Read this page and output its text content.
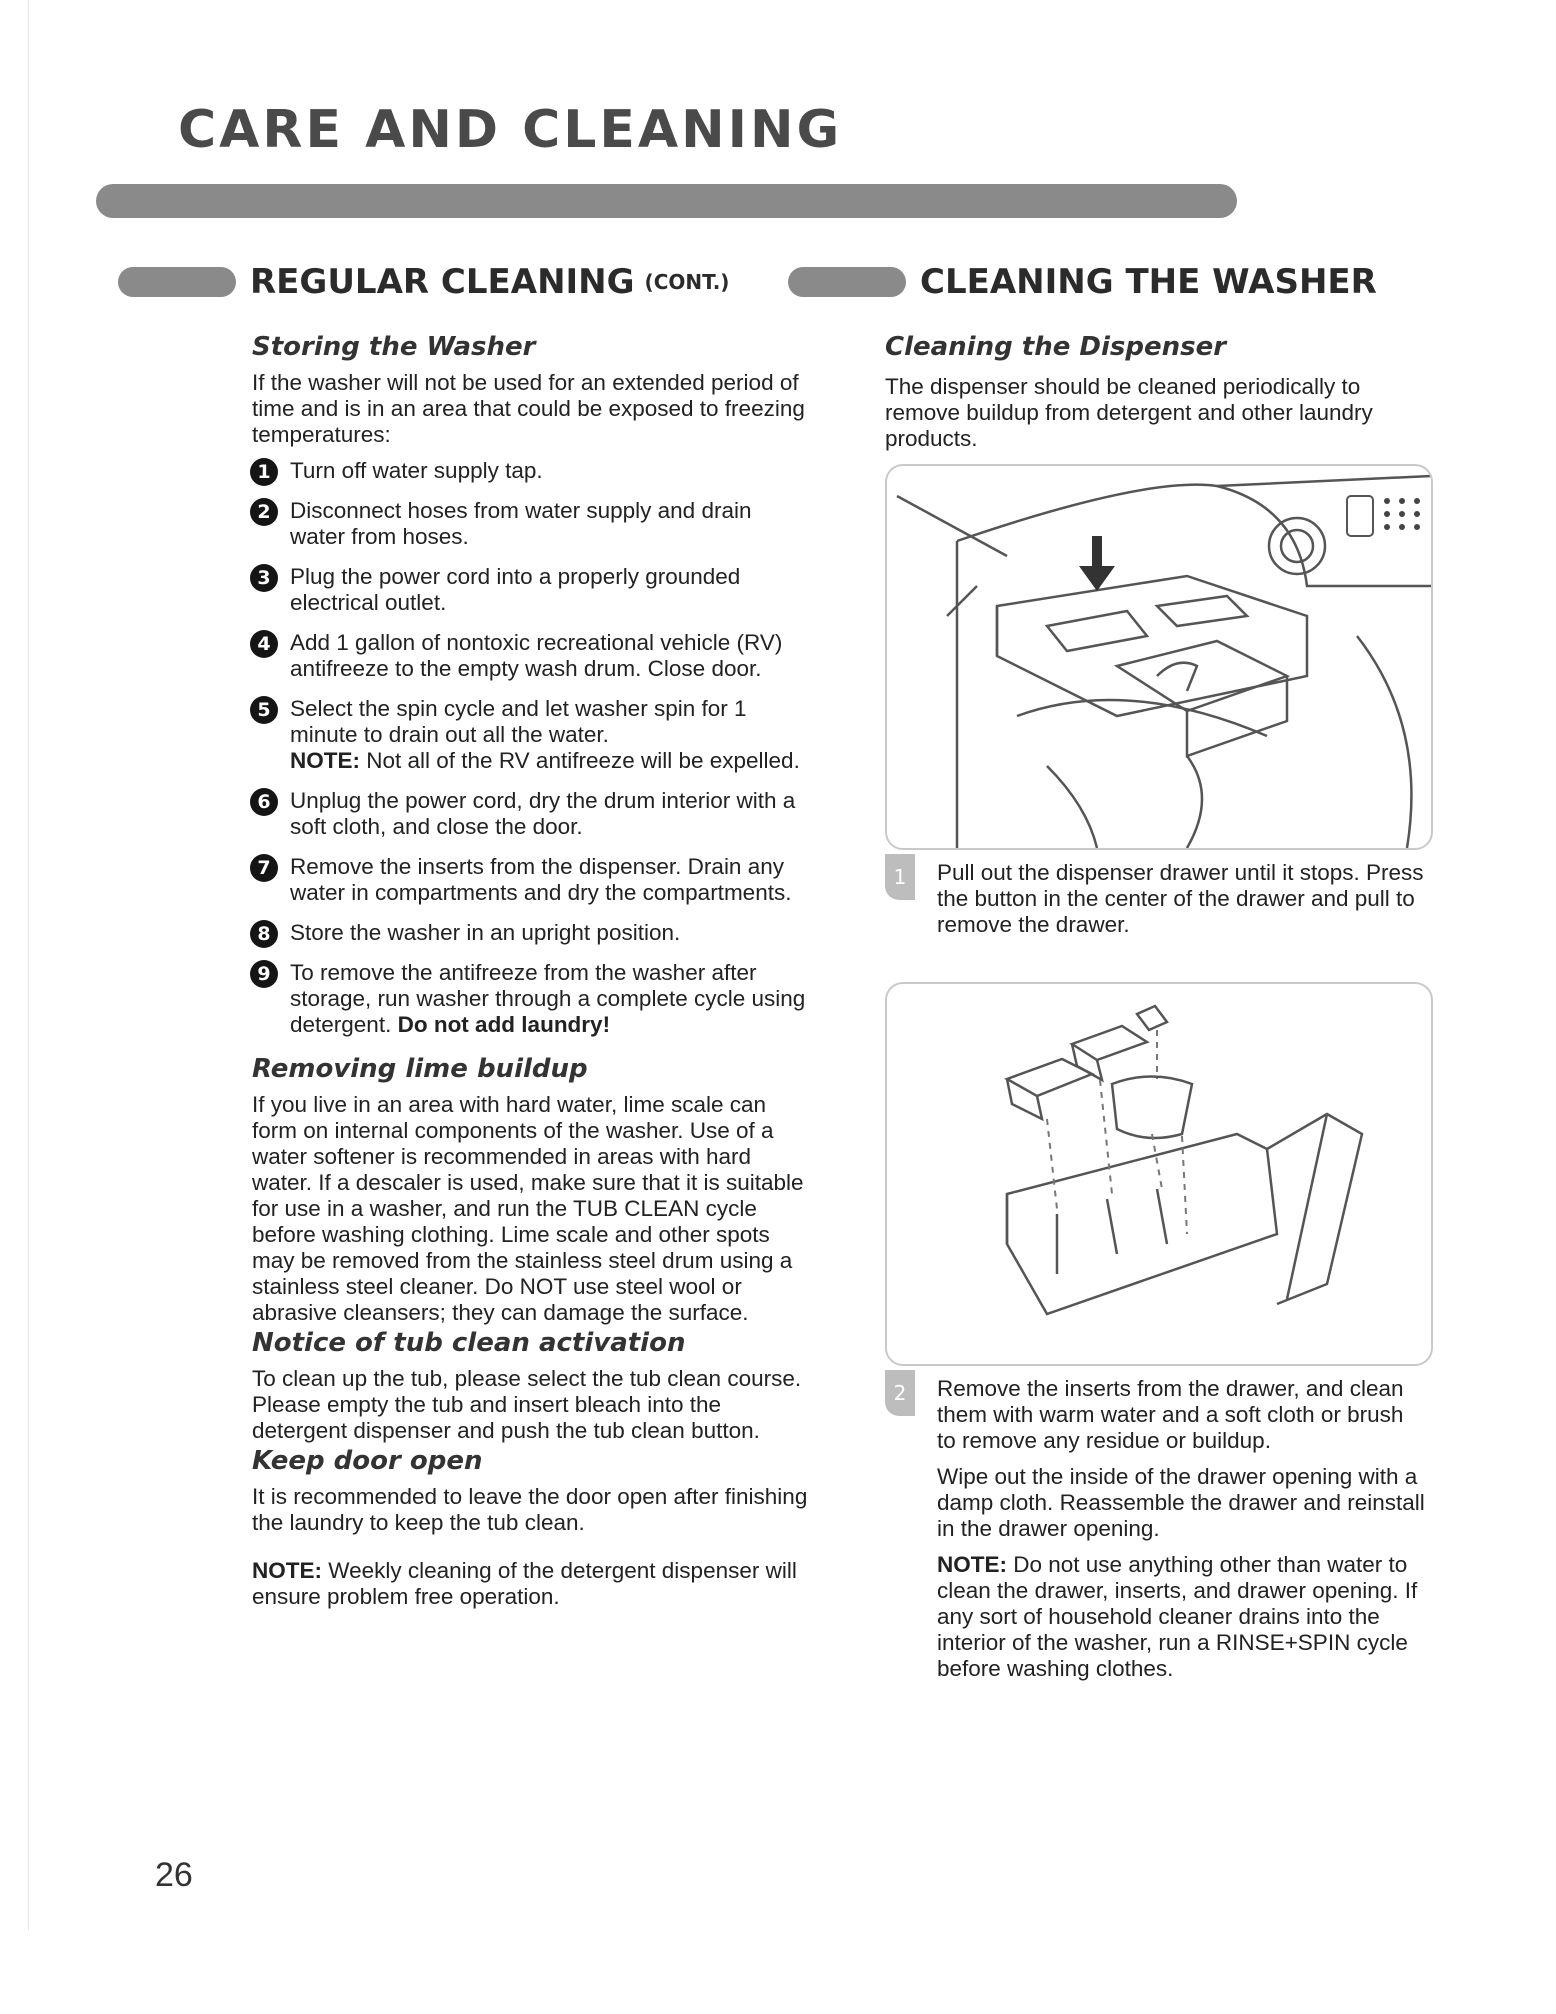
CARE AND CLEANING
REGULAR CLEANING (CONT.)	CLEANING THE WASHER
Storing the Washer

If the washer will not be used for an extended period of time and is in an area that could be exposed to freezing temperatures:

1 Turn off water supply tap.
2 Disconnect hoses from water supply and drain water from hoses.
3 Plug the power cord into a properly grounded electrical outlet.
4 Add 1 gallon of nontoxic recreational vehicle (RV) antifreeze to the empty wash drum. Close door.
5 Select the spin cycle and let washer spin for 1 minute to drain out all the water.
NOTE: Not all of the RV antifreeze will be expelled.
6 Unplug the power cord, dry the drum interior with a soft cloth, and close the door.
7 Remove the inserts from the dispenser. Drain any water in compartments and dry the compartments.
8 Store the washer in an upright position.
9 To remove the antifreeze from the washer after storage, run washer through a complete cycle using detergent. Do not add laundry!
Removing lime buildup

If you live in an area with hard water, lime scale can form on internal components of the washer. Use of a water softener is recommended in areas with hard water. If a descaler is used, make sure that it is suitable for use in a washer, and run the TUB CLEAN cycle before washing clothing. Lime scale and other spots may be removed from the stainless steel drum using a stainless steel cleaner. Do NOT use steel wool or abrasive cleansers; they can damage the surface.

Notice of tub clean activation

To clean up the tub, please select the tub clean course. Please empty the tub and insert bleach into the detergent dispenser and push the tub clean button.

Keep door open

It is recommended to leave the door open after finishing the laundry to keep the tub clean.

NOTE: Weekly cleaning of the detergent dispenser will ensure problem free operation.

Cleaning the Dispenser

The dispenser should be cleaned periodically to remove buildup from detergent and other laundry products.

1	Pull out the dispenser drawer until it stops. Press the button in the center of the drawer and pull to remove the drawer.

2	Remove the inserts from the drawer, and clean them with warm water and a soft cloth or brush to remove any residue or buildup.

Wipe out the inside of the drawer opening with a damp cloth. Reassemble the drawer and reinstall in the drawer opening.

NOTE: Do not use anything other than water to clean the drawer, inserts, and drawer opening. If any sort of household cleaner drains into the interior of the washer, run a RINSE+SPIN cycle before washing clothes.

26
